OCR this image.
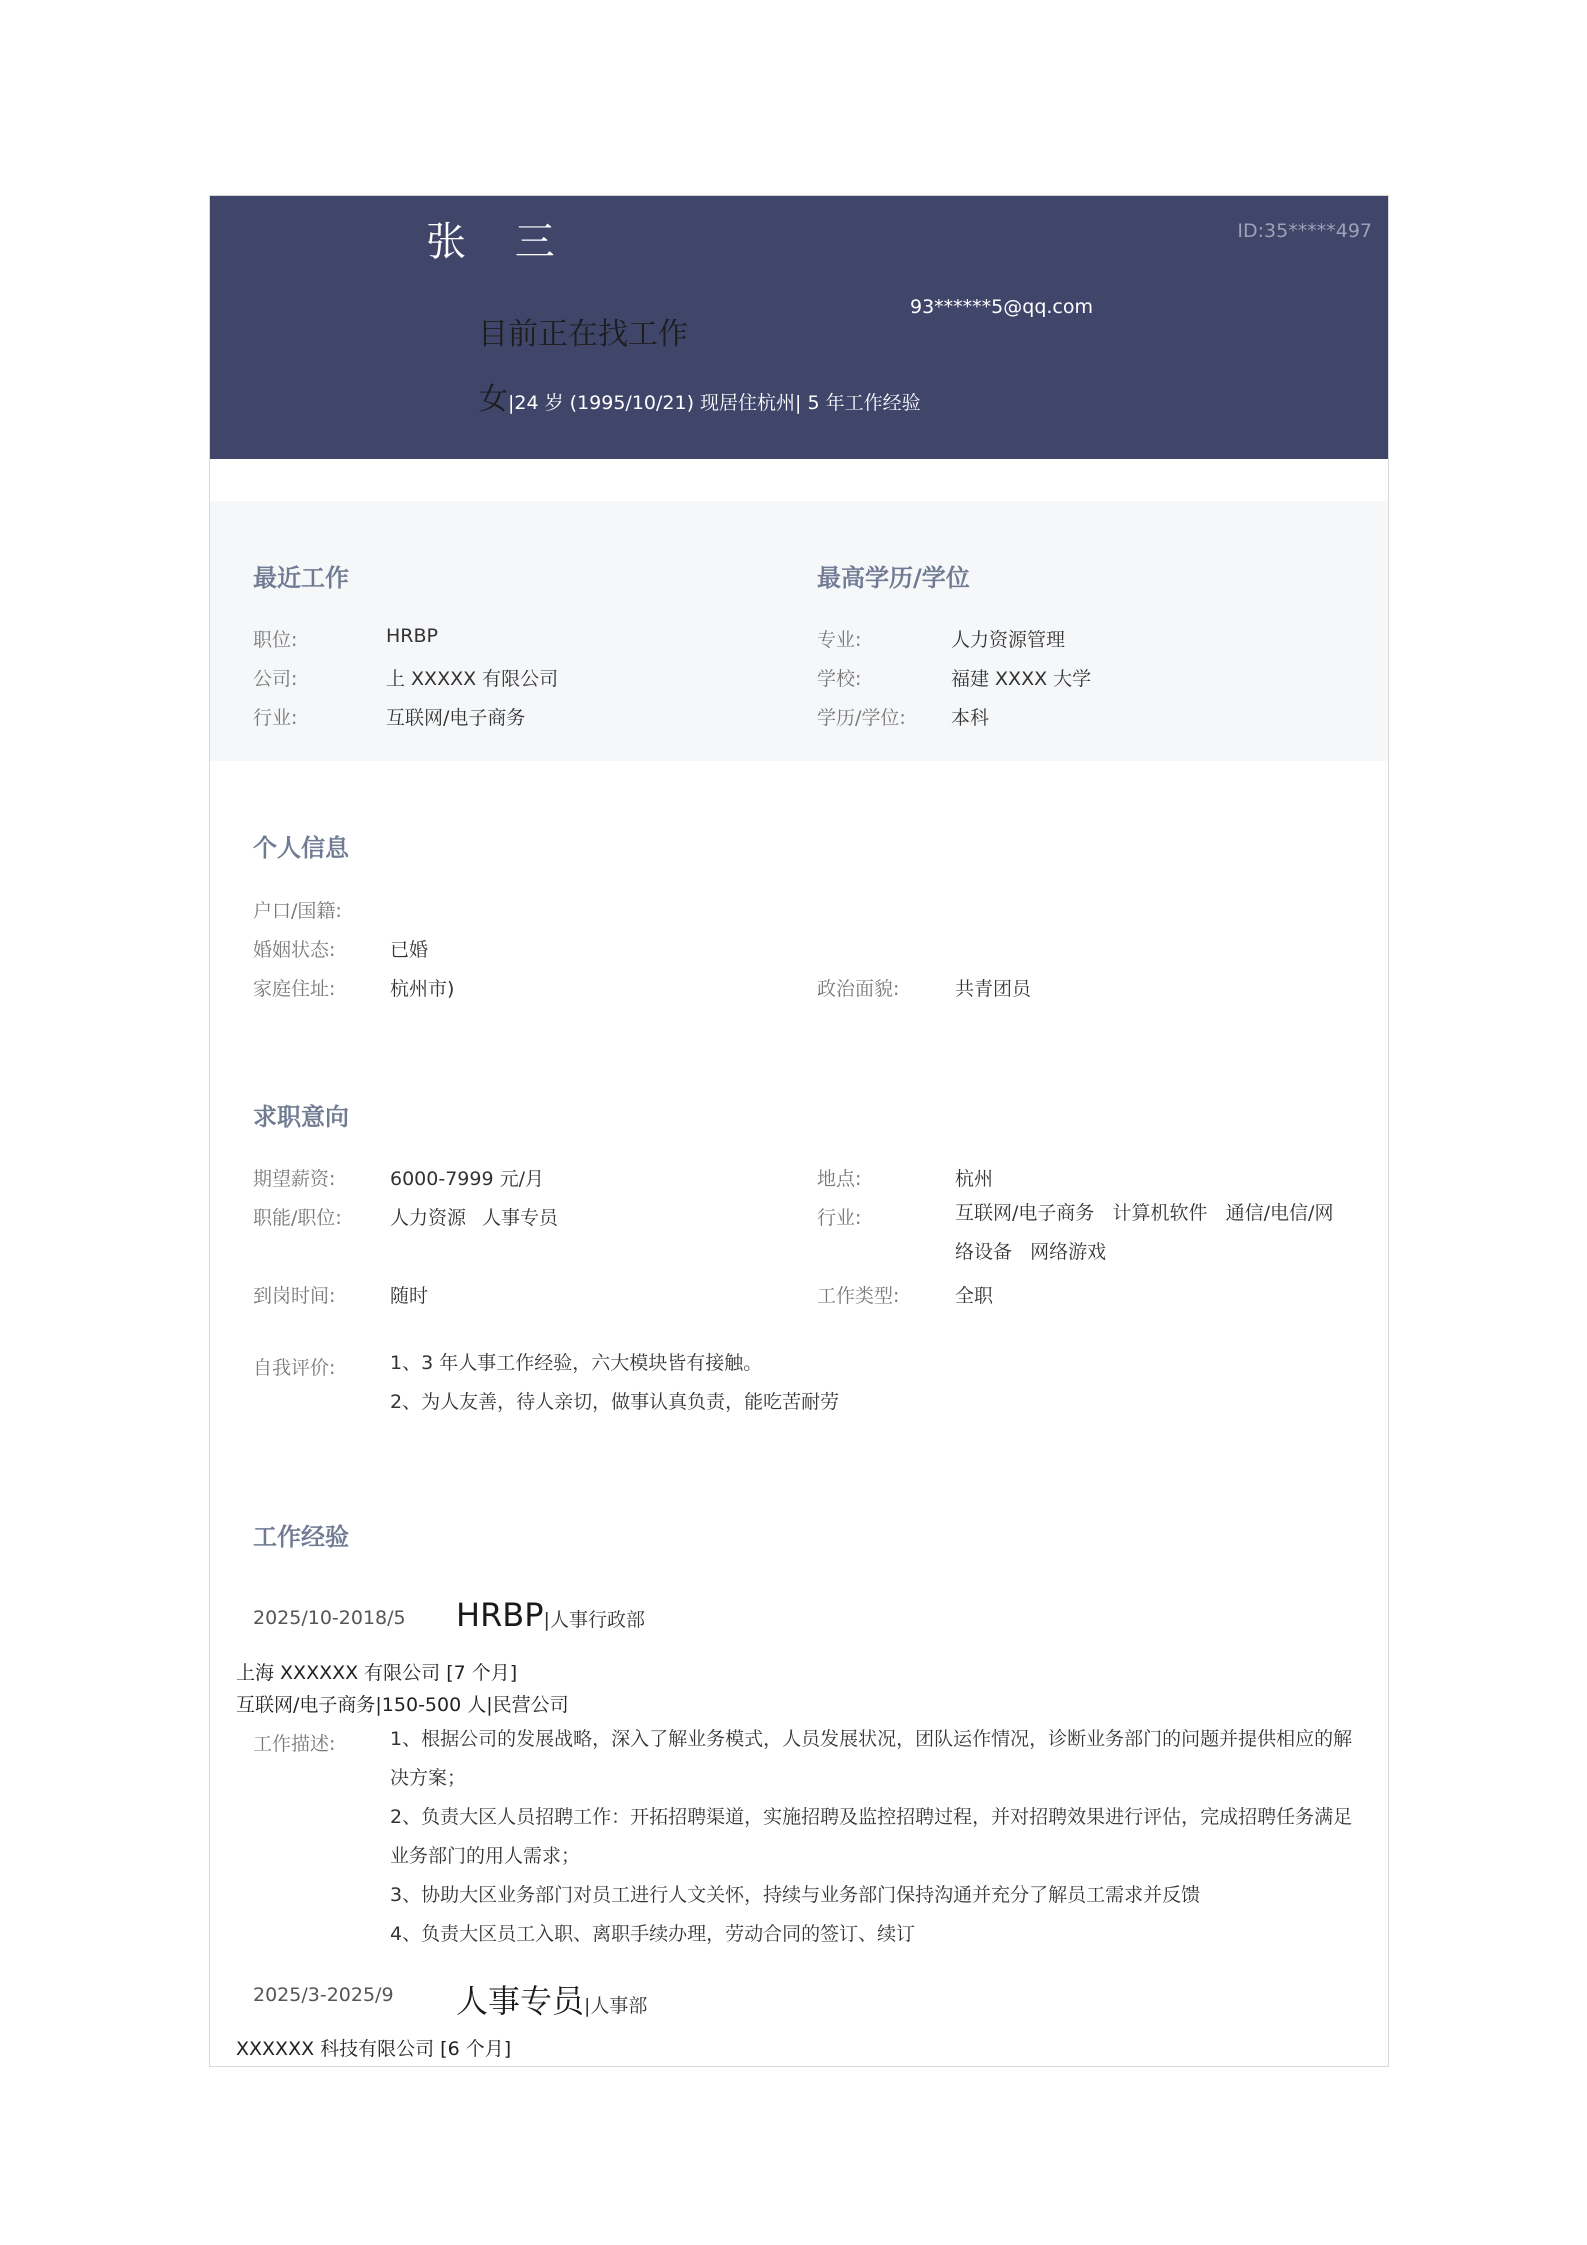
张 三	ID:35*****497
93******5@qq.com
目前正在找工作
女|24 岁 (1995/10/21) 现居住杭州| 5 年工作经验
最近工作
职位:	HRBP
公司:	上 XXXXX 有限公司
行业:	互联网/电子商务
最高学历/学位
专业:	人力资源管理
学校:	福建 XXXX 大学
学历/学位: 本科
个人信息
户口/国籍:
婚姻状态:	已婚
家庭住址:	杭州市)	政治面貌:	共青团员
求职意向
期望薪资:	6000-7999 元/月	地点:	杭州
职能/职位:	人力资源 人事专员	行业:	互联网/电子商务   计算机软件   通信/电信/网
络设备   网络游戏
到岗时间:	随时	工作类型:	全职
自我评价:	1、3 年人事工作经验，六大模块皆有接触。
2、为人友善，待人亲切，做事认真负责，能吃苦耐劳
工作经验
2025/10-2018/5 HRBP|人事行政部
上海 XXXXXX 有限公司 [7 个月]
互联网/电子商务|150-500 人|民营公司
工作描述:	1、根据公司的发展战略，深入了解业务模式，人员发展状况，团队运作情况，诊断业务部门的问题并提供相应的解
决方案；
2、负责大区人员招聘工作：开拓招聘渠道，实施招聘及监控招聘过程，并对招聘效果进行评估，完成招聘任务满足
业务部门的用人需求；
3、协助大区业务部门对员工进行人文关怀，持续与业务部门保持沟通并充分了解员工需求并反馈
4、负责大区员工入职、离职手续办理，劳动合同的签订、续订
2025/3-2025/9 人事专员|人事部
XXXXXX 科技有限公司 [6 个月]
